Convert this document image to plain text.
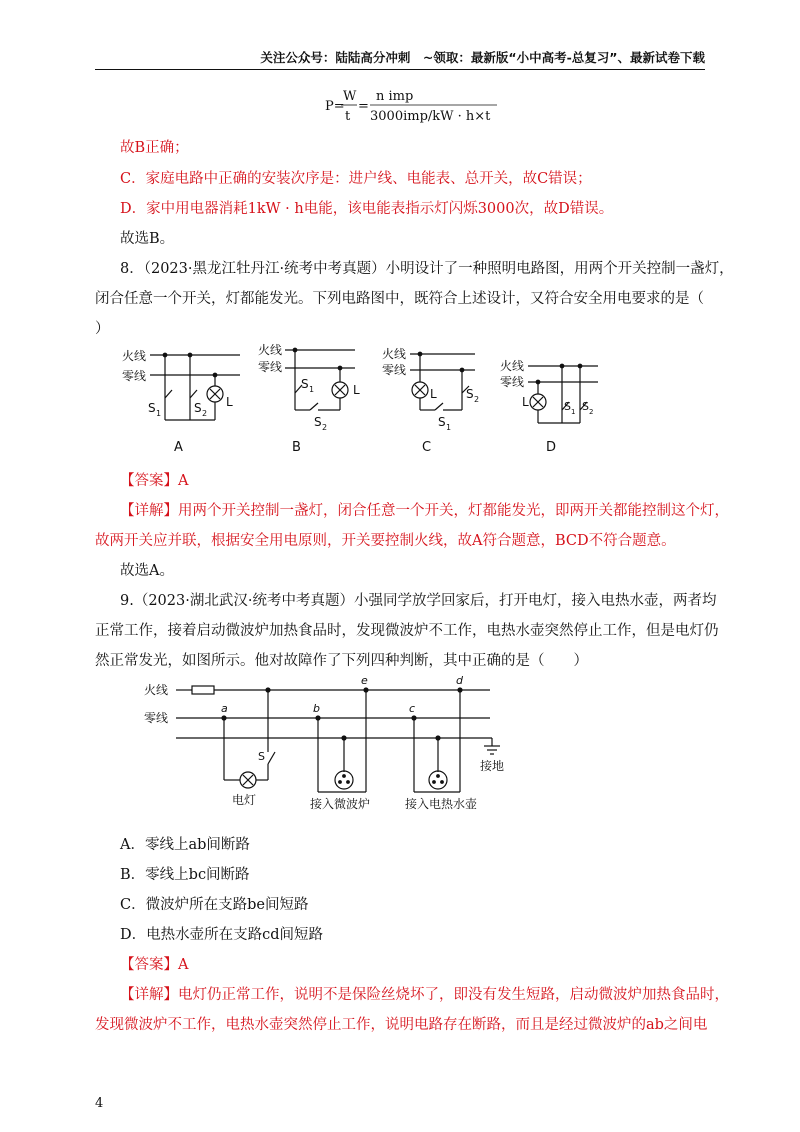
关注公众号：陆陆高分冲刺　~领取：最新版“小中高考-总复习”、最新试卷下载
P=
W
t
=
n imp
3000imp/kW · h×t
故B正确；
C．家庭电路中正确的安装次序是：进户线、电能表、总开关，故C错误；
D．家中用电器消耗1kW · h电能，该电能表指示灯闪烁3000次，故D错误。
故选B。
8．（2023·黑龙江牡丹江·统考中考真题）小明设计了一种照明电路图，用两个开关控制一盏灯，
闭合任意一个开关，灯都能发光。下列电路图中，既符合上述设计，又符合安全用电要求的是（
）
火线
零线
S 1	S 2
L
火线
零线
S 1	L
S 2
火线
零线
L S 2
S 1
火线
零线
L	S 1 S 2
A	B	C	D
【答案】A
【详解】用两个开关控制一盏灯，闭合任意一个开关，灯都能发光，即两开关都能控制这个灯，
故两开关应并联，根据安全用电原则，开关要控制火线，故A符合题意，BCD不符合题意。
故选A。
9.（2023·湖北武汉·统考中考真题）小强同学放学回家后，打开电灯，接入电热水壶，两者均
正常工作，接着启动微波炉加热食品时，发现微波炉不工作，电热水壶突然停止工作，但是电灯仍
然正常发光，如图所示。他对故障作了下列四种判断，其中正确的是（　　）
火线
零线
接地
a	b	c
d
e
S
电灯	接入微波炉	接入电热水壶
A．零线上ab间断路
B．零线上bc间断路
C．微波炉所在支路be间短路
D．电热水壶所在支路cd间短路
【答案】A
【详解】电灯仍正常工作，说明不是保险丝烧坏了，即没有发生短路，启动微波炉加热食品时，
发现微波炉不工作，电热水壶突然停止工作，说明电路存在断路，而且是经过微波炉的ab之间电
4
